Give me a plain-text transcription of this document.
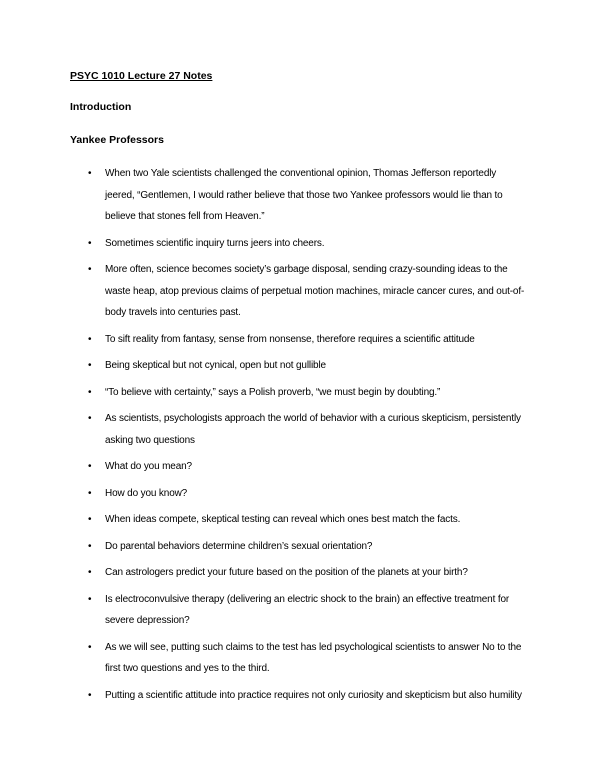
PSYC 1010 Lecture 27 Notes
Introduction
Yankee Professors
• When two Yale scientists challenged the conventional opinion, Thomas Jefferson reportedly jeered, “Gentlemen, I would rather believe that those two Yankee professors would lie than to believe that stones fell from Heaven.”
• Sometimes scientific inquiry turns jeers into cheers.
• More often, science becomes society’s garbage disposal, sending crazy-sounding ideas to the waste heap, atop previous claims of perpetual motion machines, miracle cancer cures, and out-of-body travels into centuries past.
• To sift reality from fantasy, sense from nonsense, therefore requires a scientific attitude
• Being skeptical but not cynical, open but not gullible
• “To believe with certainty,” says a Polish proverb, “we must begin by doubting.”
• As scientists, psychologists approach the world of behavior with a curious skepticism, persistently asking two questions
• What do you mean?
• How do you know?
• When ideas compete, skeptical testing can reveal which ones best match the facts.
• Do parental behaviors determine children’s sexual orientation?
• Can astrologers predict your future based on the position of the planets at your birth?
• Is electroconvulsive therapy (delivering an electric shock to the brain) an effective treatment for severe depression?
• As we will see, putting such claims to the test has led psychological scientists to answer No to the first two questions and yes to the third.
• Putting a scientific attitude into practice requires not only curiosity and skepticism but also humility
